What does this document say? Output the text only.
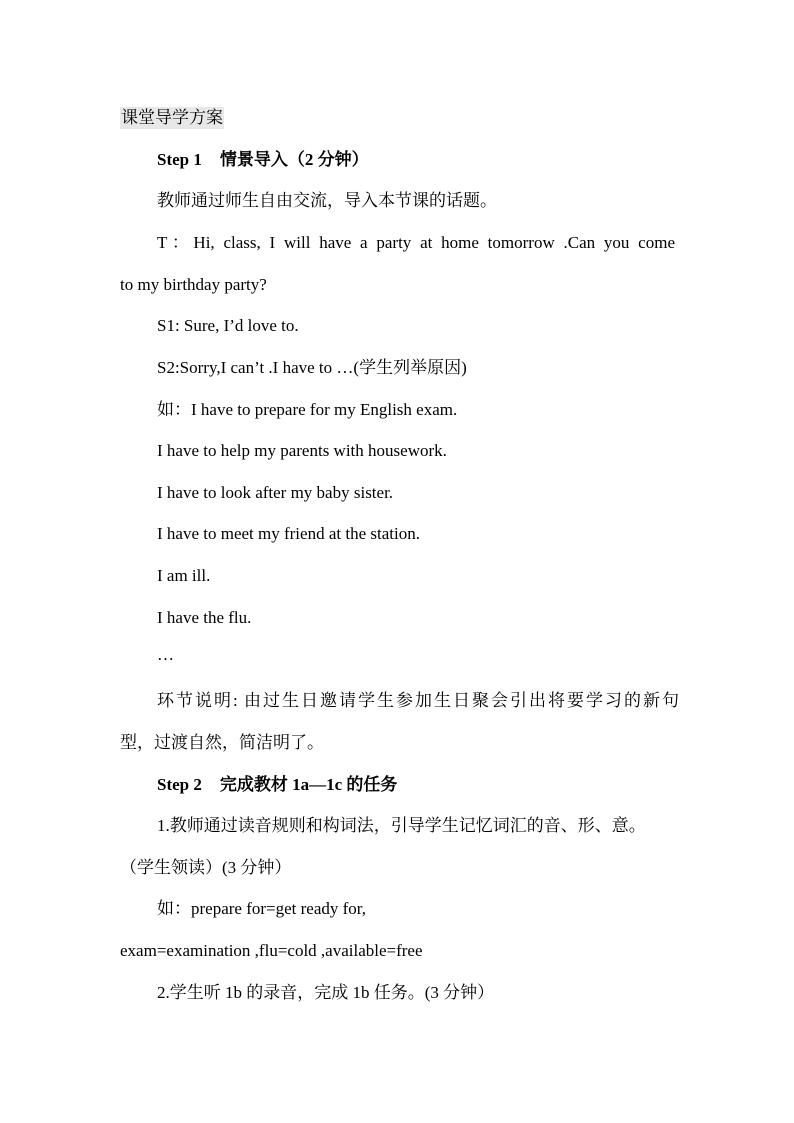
课堂导学方案
Step 1 情景导入（2 分钟）
教师通过师生自由交流，导入本节课的话题。
T：Hi, class, I will have a party at home tomorrow .Can you come
to my birthday party?
S1: Sure, I’d love to.
S2:Sorry,I can’t .I have to …(学生列举原因)
如：I have to prepare for my English exam.
I have to help my parents with housework.
I have to look after my baby sister.
I have to meet my friend at the station.
I am ill.
I have the flu.
…
环节说明: 由过生日邀请学生参加生日聚会引出将要学习的新句
型，过渡自然，简洁明了。
Step 2 完成教材 1a—1c 的任务
1.教师通过读音规则和构词法，引导学生记忆词汇的音、形、意。
（学生领读）(3 分钟）
如：prepare for=get ready for,
exam=examination ,flu=cold ,available=free
2.学生听 1b 的录音，完成 1b 任务。(3 分钟）
